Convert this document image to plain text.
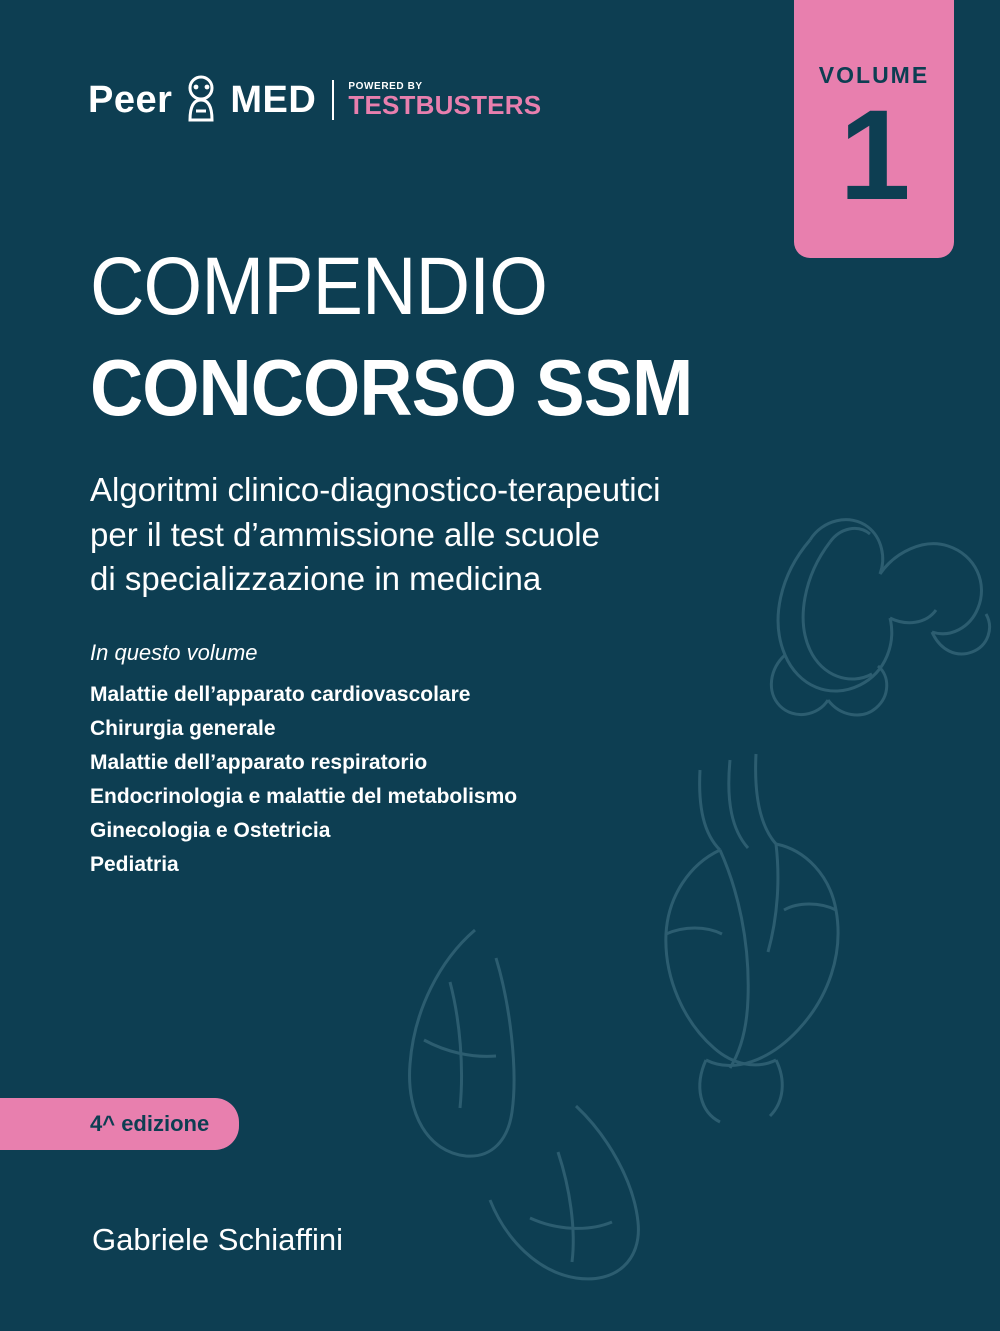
VOLUME
1
Peer MED	POWERED BY
TESTBUSTERS
COMPENDIO
CONCORSO SSM
Algoritmi clinico-diagnostico-terapeutici
per il test d’ammissione alle scuole
di specializzazione in medicina
In questo volume
Malattie dell’apparato cardiovascolare
Chirurgia generale
Malattie dell’apparato respiratorio
Endocrinologia e malattie del metabolismo
Ginecologia e Ostetricia
Pediatria
4^ edizione
Gabriele Schiaffini
